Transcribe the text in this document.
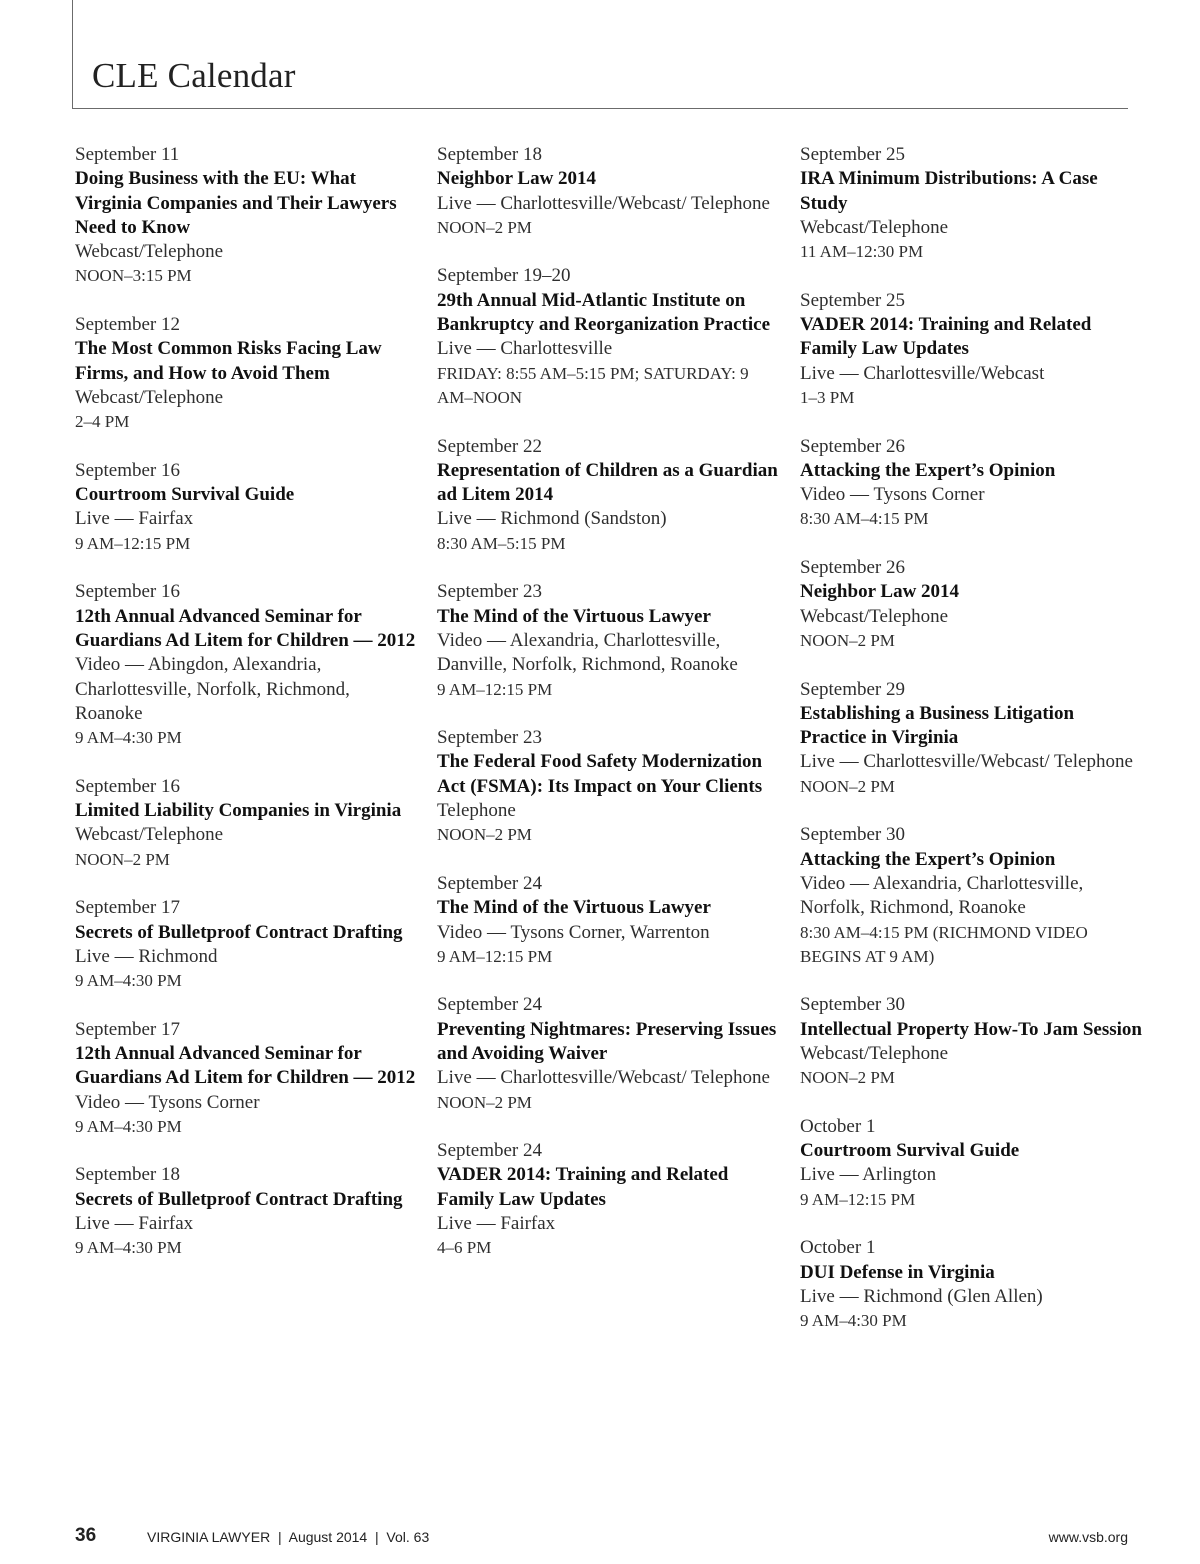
CLE Calendar
September 11
Doing Business with the EU: What Virginia Companies and Their Lawyers Need to Know
Webcast/Telephone
NOON–3:15 PM
September 12
The Most Common Risks Facing Law Firms, and How to Avoid Them
Webcast/Telephone
2–4 PM
September 16
Courtroom Survival Guide
Live — Fairfax
9 AM–12:15 PM
September 16
12th Annual Advanced Seminar for Guardians Ad Litem for Children — 2012
Video — Abingdon, Alexandria, Charlottesville, Norfolk, Richmond, Roanoke
9 AM–4:30 PM
September 16
Limited Liability Companies in Virginia
Webcast/Telephone
NOON–2 PM
September 17
Secrets of Bulletproof Contract Drafting
Live — Richmond
9 AM–4:30 PM
September 17
12th Annual Advanced Seminar for Guardians Ad Litem for Children — 2012
Video — Tysons Corner
9 AM–4:30 PM
September 18
Secrets of Bulletproof Contract Drafting
Live — Fairfax
9 AM–4:30 PM
September 18
Neighbor Law 2014
Live — Charlottesville/Webcast/ Telephone
NOON–2 PM
September 19–20
29th Annual Mid-Atlantic Institute on Bankruptcy and Reorganization Practice
Live — Charlottesville
FRIDAY: 8:55 AM–5:15 PM; SATURDAY: 9 AM–NOON
September 22
Representation of Children as a Guardian ad Litem 2014
Live — Richmond (Sandston)
8:30 AM–5:15 PM
September 23
The Mind of the Virtuous Lawyer
Video — Alexandria, Charlottesville, Danville, Norfolk, Richmond, Roanoke
9 AM–12:15 PM
September 23
The Federal Food Safety Modernization Act (FSMA): Its Impact on Your Clients
Telephone
NOON–2 PM
September 24
The Mind of the Virtuous Lawyer
Video — Tysons Corner, Warrenton
9 AM–12:15 PM
September 24
Preventing Nightmares: Preserving Issues and Avoiding Waiver
Live — Charlottesville/Webcast/ Telephone
NOON–2 PM
September 24
VADER 2014: Training and Related Family Law Updates
Live — Fairfax
4–6 PM
September 25
IRA Minimum Distributions: A Case Study
Webcast/Telephone
11 AM–12:30 PM
September 25
VADER 2014: Training and Related Family Law Updates
Live — Charlottesville/Webcast
1–3 PM
September 26
Attacking the Expert’s Opinion
Video — Tysons Corner
8:30 AM–4:15 PM
September 26
Neighbor Law 2014
Webcast/Telephone
NOON–2 PM
September 29
Establishing a Business Litigation Practice in Virginia
Live — Charlottesville/Webcast/ Telephone
NOON–2 PM
September 30
Attacking the Expert’s Opinion
Video — Alexandria, Charlottesville, Norfolk, Richmond, Roanoke
8:30 AM–4:15 PM (RICHMOND VIDEO BEGINS AT 9 AM)
September 30
Intellectual Property How-To Jam Session
Webcast/Telephone
NOON–2 PM
October 1
Courtroom Survival Guide
Live — Arlington
9 AM–12:15 PM
October 1
DUI Defense in Virginia
Live — Richmond (Glen Allen)
9 AM–4:30 PM
36	VIRGINIA LAWYER  |  August 2014  |  Vol. 63	www.vsb.org
